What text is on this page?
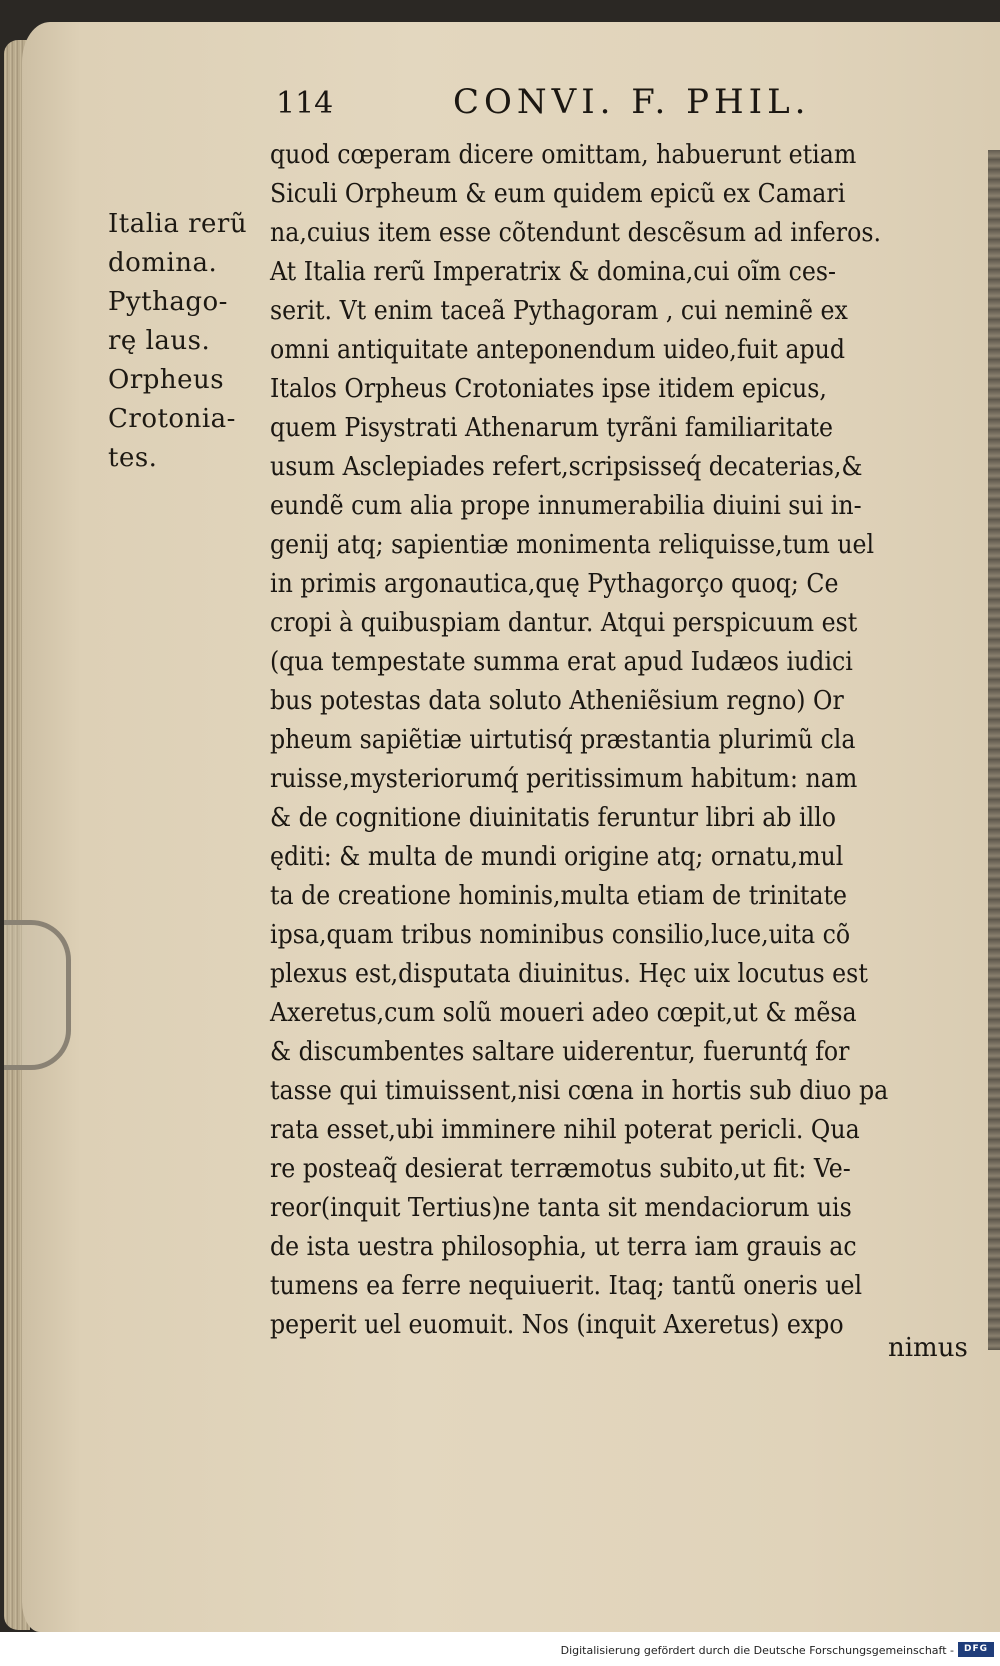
114	CONVI. F. PHIL.
Italia rerũ
domina.
Pythago-
rę laus.
Orpheus
Crotonia-
tes.
quod cœperam dicere omittam, habuerunt etiam
Siculi Orpheum & eum quidem epicũ ex Camari
na,cuius item esse cõtendunt descẽsum ad inferos.
At Italia rerũ Imperatrix & domina,cui oĩm ces-
serit. Vt enim taceã Pythagoram , cui neminẽ ex
omni antiquitate anteponendum uideo,fuit apud
Italos Orpheus Crotoniates ipse itidem epicus,
quem Pisystrati Athenarum tyrãni familiaritate
usum Asclepiades refert,scripsisseq́ decaterias,&
eundẽ cum alia prope innumerabilia diuini sui in-
genij atq; sapientiæ monimenta reliquisse,tum uel
in primis argonautica,quę Pythagorço quoq; Ce
cropi à quibuspiam dantur. Atqui perspicuum est
(qua tempestate summa erat apud Iudæos iudici
bus potestas data soluto Atheniẽsium regno) Or
pheum sapiẽtiæ uirtutisq́ præstantia plurimũ cla
ruisse,mysteriorumq́ peritissimum habitum: nam
& de cognitione diuinitatis feruntur libri ab illo
ęditi: & multa de mundi origine atq; ornatu,mul
ta de creatione hominis,multa etiam de trinitate
ipsa,quam tribus nominibus consilio,luce,uita cõ
plexus est,disputata diuinitus. Hęc uix locutus est
Axeretus,cum solũ moueri adeo cœpit,ut & mẽsa
& discumbentes saltare uiderentur, fueruntq́ for
tasse qui timuissent,nisi cœna in hortis sub diuo pa
rata esset,ubi imminere nihil poterat pericli. Qua
re posteaq̃ desierat terræmotus subito,ut fit: Ve-
reor(inquit Tertius)ne tanta sit mendaciorum uis
de ista uestra philosophia, ut terra iam grauis ac
tumens ea ferre nequiuerit. Itaq; tantũ oneris uel
peperit uel euomuit. Nos (inquit Axeretus) expo
nimus
Digitalisierung gefördert durch die Deutsche Forschungsgemeinschaft -	DFG
